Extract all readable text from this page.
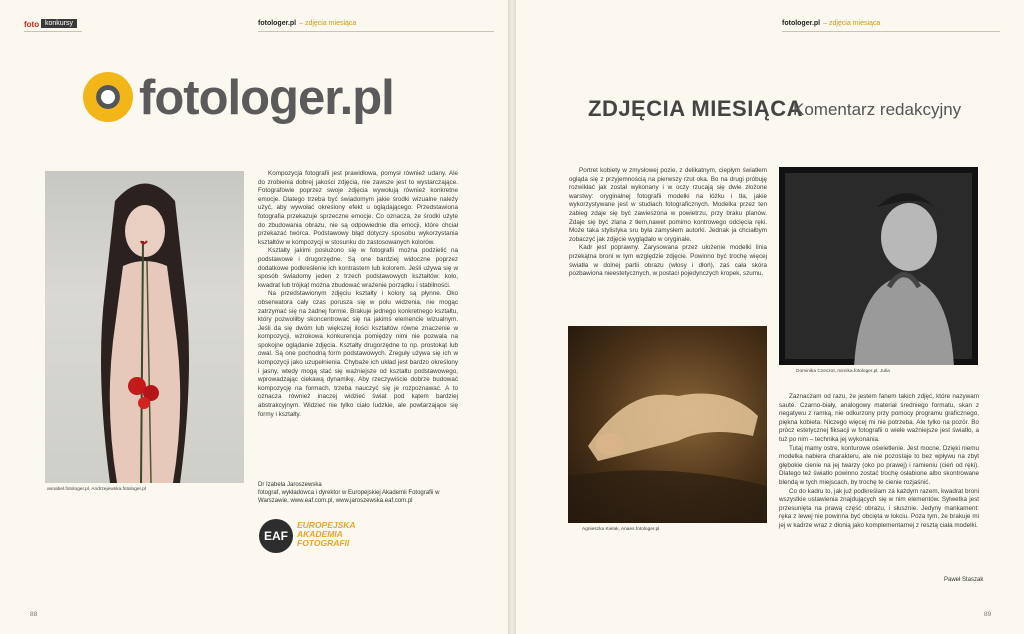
foto konkursy	fotologer.pl – zdjęcia miesiąca	fotologer.pl – zdjęcia miesiąca
fotologer.pl	ZDJĘCIA MIESIĄCA
Komentarz redakcyjny
annabel.fotologer.pl, Andrzejewska.fotologer.pl

Kompozycja fotografii jest prawidłowa, pomysł również udany. Ale do zrobienia dobrej jakości zdjęcia, nie zawsze jest to wystarczające. Fotografowie poprzez swoje zdjęcia wywołują również konkretne emocje. Dlatego trzeba być świadomym jakie środki wizualne należy użyć, aby wywołać określony efekt u oglądającego. Przedstawiona fotografia przekazuje sprzeczne emocje. Co oznacza, że środki użyte do zbudowania obrazu, nie są odpowiednie dla emocji, które chciał przekazać twórca. Podstawowy błąd dotyczy sposobu wykorzystania kształtów w kompozycji w stosunku do zastosowanych kolorów.

Kształty jakimi posłużono się w fotografii można podzielić na podstawowe i drugorzędne. Są one bardziej widoczne poprzez dodatkowe podkreślenie ich kontrastem lub kolorem. Jeśli używa się w sposób świadomy jeden z trzech podstawowych kształtów: koło, kwadrat lub trójkąt można zbudować wrażenie porządku i stabilności.

Na przedstawionym zdjęciu kształty i kolory są płynne. Oko obserwatora cały czas porusza się w polu widzenia, nie mogąc zatrzymać się na żadnej formie. Brakuje jednego konkretnego kształtu, który pozwoliłby skoncentrować się na jakimś elemencie wizualnym. Jeśli da się dwóm lub większej ilości kształtów równe znaczenie w kompozycji, wzrokowa konkurencja pomiędzy nimi nie pozwala na spokojne oglądanie zdjęcia. Kształty drugorzędne to np. prostokąt lub owal. Są one pochodną form podstawowych. Zreguły używa się ich w kompozycji jako uzupełnienia. Chybaże ich układ jest bardzo określony i jasny, wtedy mogą stać się ważniejsze od kształtu podstawowego, wprowadzając ciekawą dynamikę. Aby rzeczywiście dobrze budować kompozycję na formach, trzeba nauczyć się je rozpoznawać. A to oznacza również inaczej widzieć świat pod kątem bardziej abstrakcyjnym. Widzieć nie tylko ciało ludzkie, ale powtarzające się formy i kształty.

Dr Izabela Jaroszewska
fotograf, wykładowca i dyrektor w Europejskiej Akademii Fotografii w Warszawie, www.eaf.com.pl, www.jaroszewska.eaf.com.pl
EAF
EUROPEJSKA
AKADEMIA
FOTOGRAFII

Portret kobiety w zmysłowej pozie, z delikatnym, ciepłym światłem ogląda się z przyjemnością na pierwszy rzut oka. Bo na drugi próbuję rozwikłać jak został wykonany i w oczy rzucają się dwie złożone warstwy: oryginalnej fotografii modelki na łóżku i tła, jakie wykorzystywane jest w studiach fotograficznych. Modelka przez ten zabieg zdaje się być zawieszona w powietrzu, przy braku planów. Zdaje się być zlana z tłem,nawet pomimo kontrowego odcięcia ręki. Może taka stylistyka sru była zamysłem autorki. Jednak ja chciałbym zobaczyć jak zdjęcie wyglądało w oryginale.

Kadr jest poprawny. Zarysowana przez ułożenie modelki linia przekątna broni w tym względzie zdjęcie. Powinno być trochę więcej światła w dolnej partii obrazu (włosy i dłoń), zaś cała skóra pozbawiona nieestetycznych, w postaci pojedynczych kropek, szumu.

Agnieszka Kielak, Anaes.fotologer.pl
Dominika Czeczot, mimika.fotologer.pl, Julia

Zaznaczam od razu, że jestem fanem takich zdjęć, które nazywam sauté. Czarno-biały, analogowy materiał średniego formatu, skan z negatywu z ramką, nie odkurzony przy pomocy programu graficznego, piękna kobieta. Niczego więcej mi nie potrzeba. Ale tylko na pozór. Bo prócz estetycznej fiksacji w fotografii o wiele ważniejsze jest światło, a tuż po nim – technika jej wykonania.

Tutaj mamy ostre, konturowe oświetlenie. Jest mocne. Dzięki niemu modelka nabiera charakteru, ale nie pozostaje to bez wpływu na zbyt głębokie cienie na jej twarzy (oko po prawej) i ramieniu (cień od ręki). Dlatego też światło powinno zostać trochę osłabione albo skontrowane blendą w tych miejscach, by trochę te cienie rozjaśnić.

Co do kadru to, jak już podkreślam za każdym razem, kwadrat broni wszystkie ustawienia znajdujących się w nim elementów. Sylwetka jest przesunięta na prawą część obrazu, i słusznie. Jedyny mankament: ręka z lewej nie powinna być obcięta w łokciu. Poza tym, że brakuje mi jej w kadrze wraz z dłonią jako komplementarnej z resztą ciała modelki.

Paweł Staszak
88	89
